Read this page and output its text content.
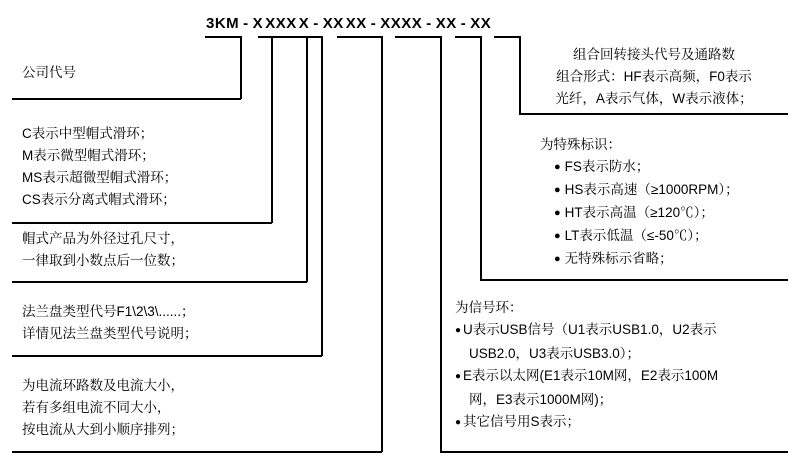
3KM - X XXX X - XX XX - XXXX - XX - XX
公司代号
C表示中型帽式滑环；
M表示微型帽式滑环；
MS表示超微型帽式滑环；
CS表示分离式帽式滑环；
帽式产品为外径过孔尺寸，
一律取到小数点后一位数；
法兰盘类型代号F1\2\3\......；
详情见法兰盘类型代号说明；
为电流环路数及电流大小，
若有多组电流不同大小，
按电流从大到小顺序排列；
组合回转接头代号及通路数
组合形式：HF表示高频，F0表示
光纤，A表示气体，W表示液体；
为特殊标识：
● FS表示防水；
● HS表示高速（≥1000RPM）；
● HT表示高温（≥120℃）；
● LT表示低温（≤-50℃）；
● 无特殊标示省略；
为信号环：
● U表示USB信号（U1表示USB1.0，U2表示
USB2.0，U3表示USB3.0）；
● E表示以太网(E1表示10M网，E2表示100M
网，E3表示1000M网)；
● 其它信号用S表示；
